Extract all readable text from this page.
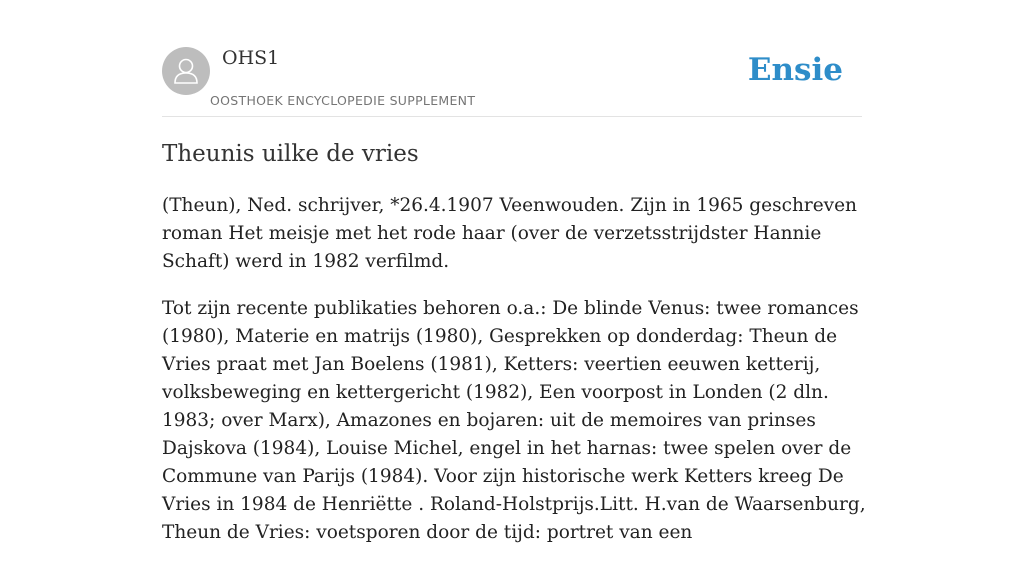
OHS1
OOSTHOEK ENCYCLOPEDIE SUPPLEMENT
Ensie
Theunis uilke de vries

(Theun), Ned. schrijver, *26.4.1907 Veenwouden. Zijn in 1965 geschreven roman Het meisje met het rode haar (over de verzetsstrijdster Hannie Schaft) werd in 1982 verfilmd.

Tot zijn recente publikaties behoren o.a.: De blinde Venus: twee romances (1980), Materie en matrijs (1980), Gesprekken op donderdag: Theun de Vries praat met Jan Boelens (1981), Ketters: veertien eeuwen ketterij, volksbeweging en kettergericht (1982), Een voorpost in Londen (2 dln. 1983; over Marx), Amazones en bojaren: uit de memoires van prinses Dajskova (1984), Louise Michel, engel in het harnas: twee spelen over de Commune van Parijs (1984). Voor zijn historische werk Ketters kreeg De Vries in 1984 de Henriëtte . Roland-Holstprijs.Litt. H.van de Waarsenburg, Theun de Vries: voetsporen door de tijd: portret van een
